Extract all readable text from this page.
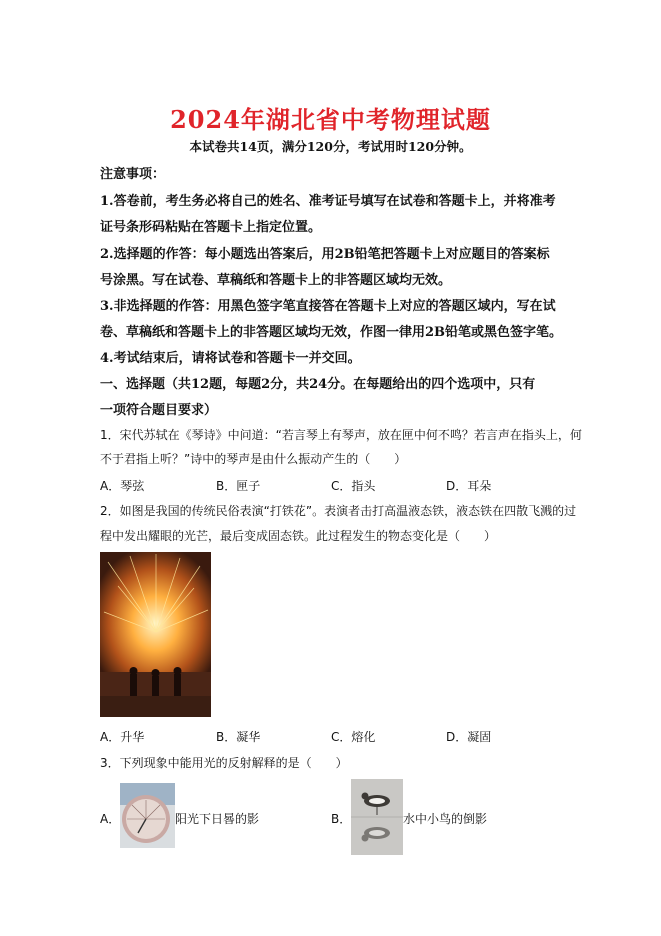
2024年湖北省中考物理试题
本试卷共14页，满分120分，考试用时120分钟。
注意事项：
1.答卷前，考生务必将自己的姓名、准考证号填写在试卷和答题卡上，并将准考
证号条形码粘贴在答题卡上指定位置。
2.选择题的作答：每小题选出答案后，用2B铅笔把答题卡上对应题目的答案标
号涂黑。写在试卷、草稿纸和答题卡上的非答题区域均无效。
3.非选择题的作答：用黑色签字笔直接答在答题卡上对应的答题区域内，写在试
卷、草稿纸和答题卡上的非答题区域均无效，作图一律用2B铅笔或黑色签字笔。
4.考试结束后，请将试卷和答题卡一并交回。
一、选择题（共12题，每题2分，共24分。在每题给出的四个选项中，只有
一项符合题目要求）
1．宋代苏轼在《琴诗》中问道：“若言琴上有琴声，放在匣中何不鸣？若言声在指头上，何
不于君指上听？”诗中的琴声是由什么振动产生的（　　）
A．琴弦	B．匣子	C．指头	D．耳朵
2．如图是我国的传统民俗表演“打铁花”。表演者击打高温液态铁，液态铁在四散飞溅的过
程中发出耀眼的光芒，最后变成固态铁。此过程发生的物态变化是（　　）
A．升华	B．凝华	C．熔化	D．凝固
3．下列现象中能用光的反射解释的是（　　）
A．	阳光下日晷的影	B．	水中小鸟的倒影
